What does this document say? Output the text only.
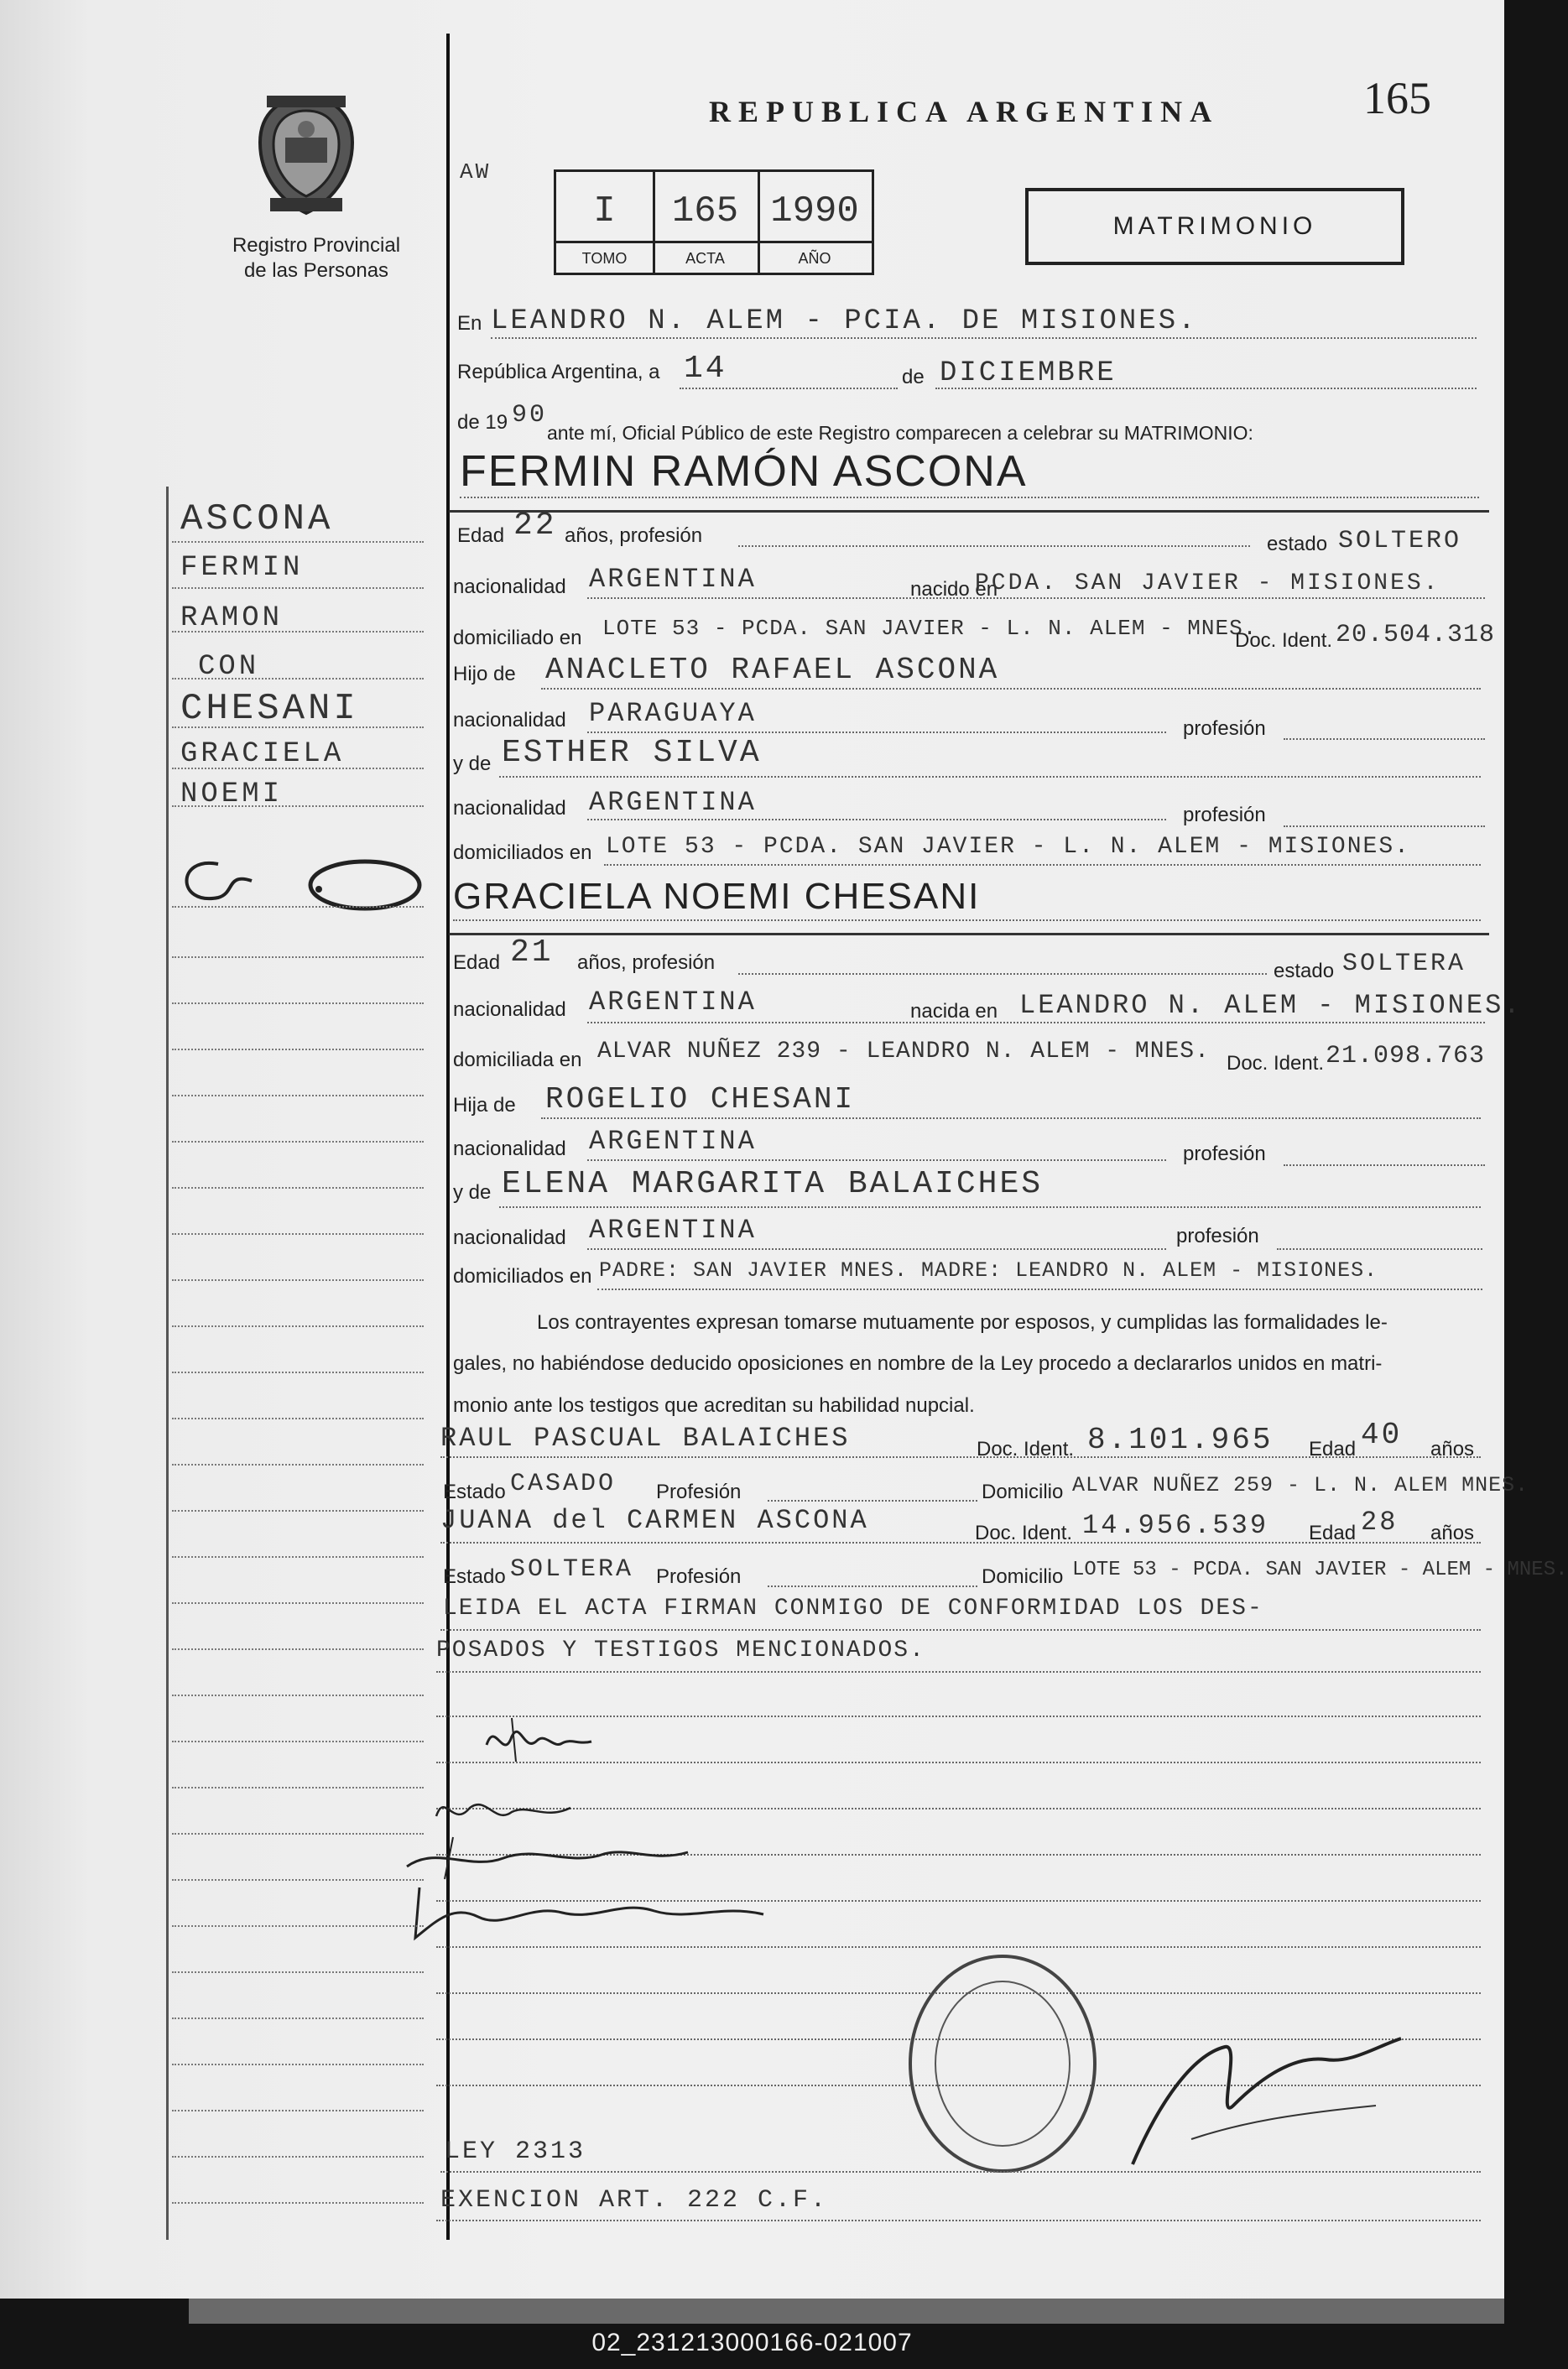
Registro Provincial de las Personas
REPUBLICA ARGENTINA	165
AW
I
TOMO
165
ACTA
1990
AÑO
MATRIMONIO
En LEANDRO N. ALEM - PCIA. DE MISIONES.
República Argentina, a 14	de DICIEMBRE
de 19 90
ante mí, Oficial Público de este Registro comparecen a celebrar su MATRIMONIO:
FERMIN RAMÓN ASCONA
Edad 22 años, profesión	estado SOLTERO
nacionalidad ARGENTINA	nacido en
PCDA. SAN JAVIER - MISIONES.
domiciliado en LOTE 53 - PCDA. SAN JAVIER - L. N. ALEM - MNES.
Doc. Ident. 20.504.318
Hijo de ANACLETO RAFAEL ASCONA
nacionalidad PARAGUAYA	profesión
y de ESTHER SILVA
nacionalidad ARGENTINA	profesión
domiciliados en LOTE 53 - PCDA. SAN JAVIER - L. N. ALEM - MISIONES.
GRACIELA NOEMI CHESANI
Edad 21 años, profesión	estado SOLTERA
nacionalidad ARGENTINA	nacida en LEANDRO N. ALEM - MISIONES.
domiciliada en ALVAR NUÑEZ 239 - LEANDRO N. ALEM - MNES. Doc. Ident. 21.098.763
Hija de ROGELIO CHESANI
nacionalidad ARGENTINA	profesión
y de ELENA MARGARITA BALAICHES
nacionalidad ARGENTINA	profesión
domiciliados en PADRE: SAN JAVIER MNES. MADRE: LEANDRO N. ALEM - MISIONES.
Los contrayentes expresan tomarse mutuamente por esposos, y cumplidas las formalidades le-
gales, no habiéndose deducido oposiciones en nombre de la Ley procedo a declararlos unidos en matri-
monio ante los testigos que acreditan su habilidad nupcial.
RAUL PASCUAL BALAICHES	Doc. Ident. 8.101.965 Edad 40 años
Estado CASADO Profesión	Domicilio ALVAR NUÑEZ 259 - L. N. ALEM MNES.
JUANA del CARMEN ASCONA	Doc. Ident. 14.956.539 Edad 28 años
Estado SOLTERA Profesión	Domicilio LOTE 53 - PCDA. SAN JAVIER - ALEM - MNES.
LEIDA EL ACTA FIRMAN CONMIGO DE CONFORMIDAD LOS DES-
POSADOS Y TESTIGOS MENCIONADOS.
LEY 2313
EXENCION ART. 222 C.F.
ASCONA
FERMIN
RAMON
CON
CHESANI
GRACIELA
NOEMI
02_231213000166-021007
